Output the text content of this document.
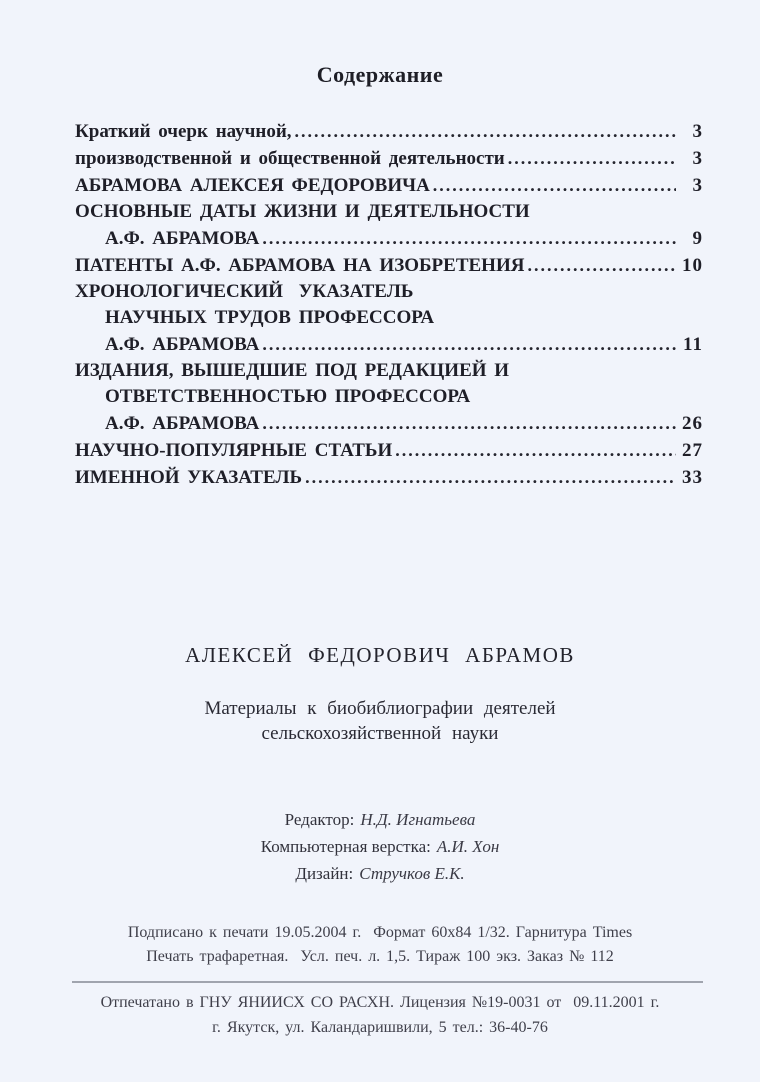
Содержание
Краткий очерк научной, .....	3
производственной и общественной деятельности .....	3
АБРАМОВА АЛЕКСЕЯ ФЕДОРОВИЧА .....	3
ОСНОВНЫЕ ДАТЫ ЖИЗНИ И ДЕЯТЕЛЬНОСТИ
А.Ф. АБРАМОВА .....	9
ПАТЕНТЫ А.Ф. АБРАМОВА НА ИЗОБРЕТЕНИЯ .....	10
ХРОНОЛОГИЧЕСКИЙ  УКАЗАТЕЛЬ
НАУЧНЫХ ТРУДОВ ПРОФЕССОРА
А.Ф. АБРАМОВА .....	11
ИЗДАНИЯ, ВЫШЕДШИЕ ПОД РЕДАКЦИЕЙ И
ОТВЕТСТВЕННОСТЬЮ ПРОФЕССОРА
А.Ф. АБРАМОВА .....	26
НАУЧНО-ПОПУЛЯРНЫЕ СТАТЬИ .....	27
ИМЕННОЙ УКАЗАТЕЛЬ .....	33
АЛЕКСЕЙ ФЕДОРОВИЧ АБРАМОВ
Материалы к биобиблиографии деятелей
сельскохозяйственной науки
Редактор: Н.Д. Игнатьева
Компьютерная верстка: А.И. Хон
Дизайн: Стручков Е.К.
Подписано к печати 19.05.2004 г.  Формат 60х84 1/32. Гарнитура Times
Печать трафаретная.  Усл. печ. л. 1,5. Тираж 100 экз. Заказ № 112
Отпечатано в ГНУ ЯНИИСХ СО РАСХН. Лицензия №19-0031 от  09.11.2001 г.
г. Якутск, ул. Каландаришвили, 5 тел.: 36-40-76
